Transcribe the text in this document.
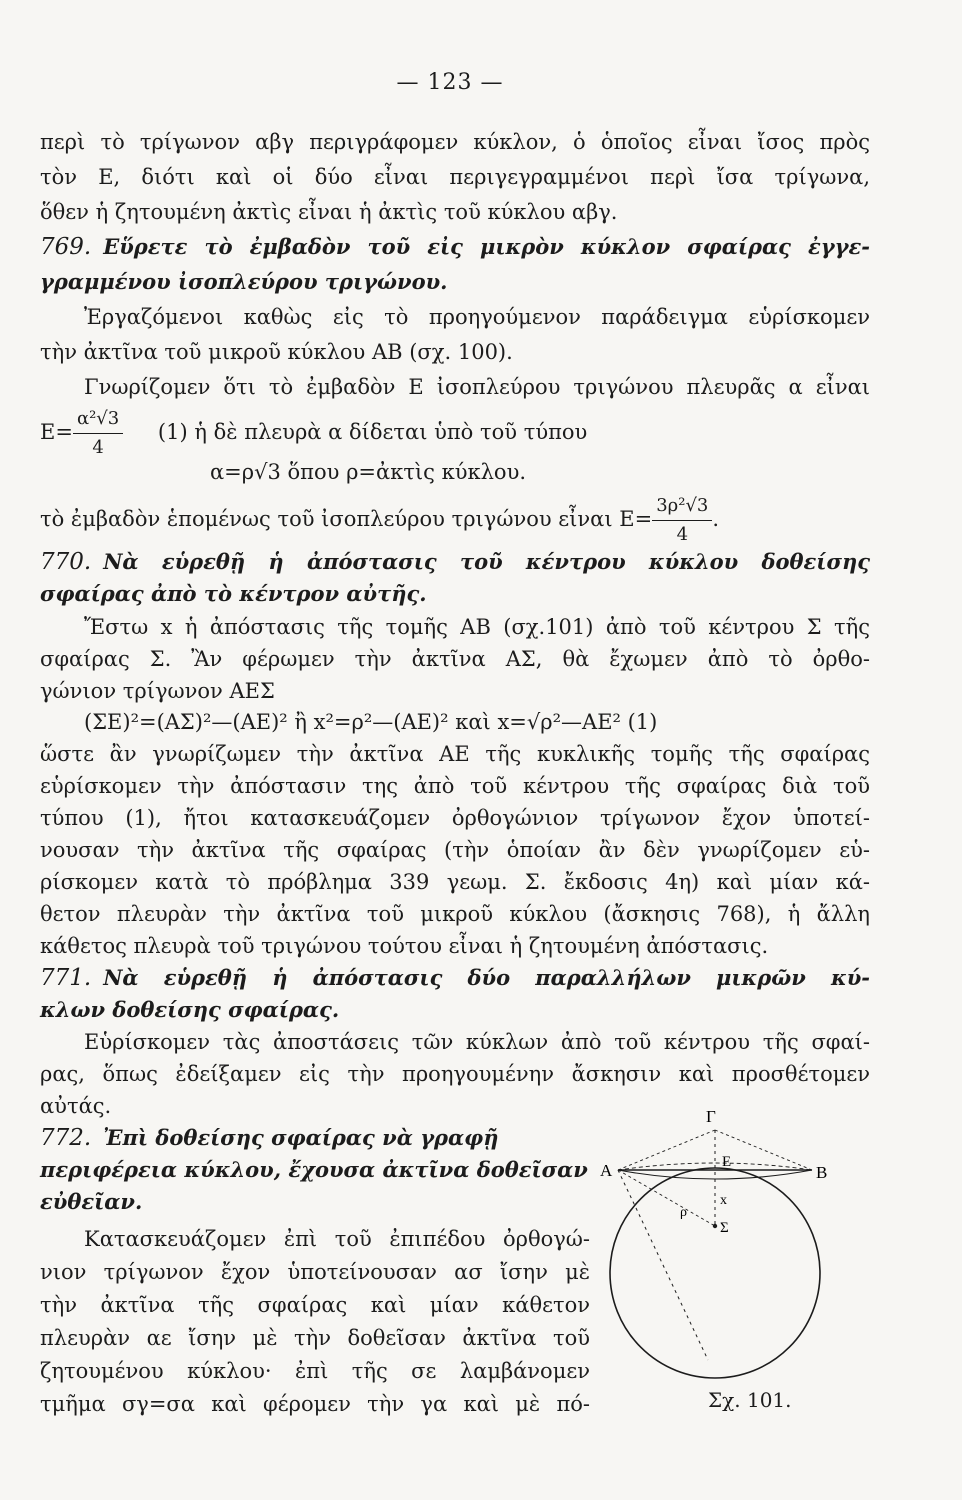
— 123 —
περὶ τὸ τρίγωνον αβγ περιγράφομεν κύκλον, ὁ ὁποῖος εἶναι ἴσος πρὸς
τὸν Ε, διότι καὶ οἱ δύο εἶναι περιγεγραμμένοι περὶ ἴσα τρίγωνα,
ὅθεν ἡ ζητουμένη ἀκτὶς εἶναι ἡ ἀκτὶς τοῦ κύκλου αβγ.
769. Εὕρετε τὸ ἐμβαδὸν τοῦ εἰς μικρὸν κύκλον σφαίρας ἐγγε-
γραμμένου ἰσοπλεύρου τριγώνου.
Ἐργαζόμενοι καθὼς εἰς τὸ προηγούμενον παράδειγμα εὑρίσκομεν
τὴν ἀκτῖνα τοῦ μικροῦ κύκλου ΑΒ (σχ. 100).
Γνωρίζομεν ὅτι τὸ ἐμβαδὸν Ε ἰσοπλεύρου τριγώνου πλευρᾶς α εἶναι
$E= \frac{\text{α²√3}}{4} (1)$ ἡ δὲ πλευρὰ α δίδεται ὑπὸ τοῦ τύπου
α=ρ√3 ὅπου ρ=ἀκτὶς κύκλου.
τὸ ἐμβαδὸν ἑπομένως τοῦ ἰσοπλεύρου τριγώνου εἶναι $E= \frac{\text{3ρ²√3}}{4}$ .
770. Νὰ εὑρεθῇ ἡ ἀπόστασις τοῦ κέντρου κύκλου δοθείσης
σφαίρας ἀπὸ τὸ κέντρον αὐτῆς.
Ἔστω x ἡ ἀπόστασις τῆς τομῆς ΑΒ (σχ.101) ἀπὸ τοῦ κέντρου Σ τῆς
σφαίρας Σ. Ἂν φέρωμεν τὴν ἀκτῖνα ΑΣ, θὰ ἔχωμεν ἀπὸ τὸ ὀρθο-
γώνιον τρίγωνον ΑΕΣ
(ΣΕ)²=(ΑΣ)²—(ΑΕ)² ἢ x²=ρ²—(ΑΕ)² καὶ x=√ρ²—ΑΕ² (1)
ὥστε ἂν γνωρίζωμεν τὴν ἀκτῖνα ΑΕ τῆς κυκλικῆς τομῆς τῆς σφαίρας
εὑρίσκομεν τὴν ἀπόστασιν της ἀπὸ τοῦ κέντρου τῆς σφαίρας διὰ τοῦ
τύπου (1), ἤτοι κατασκευάζομεν ὀρθογώνιον τρίγωνον ἔχον ὑποτεί-
νουσαν τὴν ἀκτῖνα τῆς σφαίρας (τὴν ὁποίαν ἂν δὲν γνωρίζομεν εὑ-
ρίσκομεν κατὰ τὸ πρόβλημα 339 γεωμ. Σ. ἔκδοσις 4η) καὶ μίαν κά-
θετον πλευρὰν τὴν ἀκτῖνα τοῦ μικροῦ κύκλου (ἄσκησις 768), ἡ ἄλλη
κάθετος πλευρὰ τοῦ τριγώνου τούτου εἶναι ἡ ζητουμένη ἀπόστασις.
771. Νὰ εὑρεθῇ ἡ ἀπόστασις δύο παραλλήλων μικρῶν κύ-
κλων δοθείσης σφαίρας.
Εὑρίσκομεν τὰς ἀποστάσεις τῶν κύκλων ἀπὸ τοῦ κέντρου τῆς σφαί-
ρας, ὅπως ἐδείξαμεν εἰς τὴν προηγουμένην ἄσκησιν καὶ προσθέτομεν
αὐτάς.
772. Ἐπὶ δοθείσης σφαίρας νὰ γραφῇ
περιφέρεια κύκλου, ἔχουσα ἀκτῖνα δοθεῖσαν
εὐθεῖαν.
Κατασκευάζομεν ἐπὶ τοῦ ἐπιπέδου ὀρθογώ-
νιον τρίγωνον ἔχον ὑποτείνουσαν ασ ἴσην μὲ
τὴν ἀκτῖνα τῆς σφαίρας καὶ μίαν κάθετον
πλευρὰν αε ἴσην μὲ τὴν δοθεῖσαν ἀκτῖνα τοῦ
ζητουμένου κύκλου· ἐπὶ τῆς σε λαμβάνομεν
τμῆμα σγ=σα καὶ φέρομεν τὴν γα καὶ μὲ πό-
Γ
Α	Β
Ε
x
ρ
Σ
Σχ. 101.
